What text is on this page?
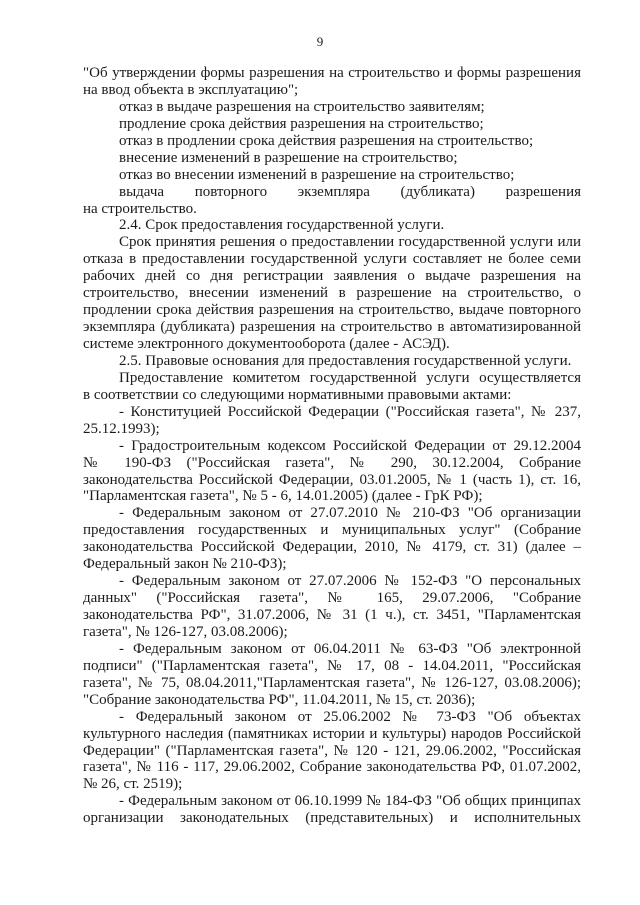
9
"Об утверждении формы разрешения на строительство и формы разрешения
на ввод объекта в эксплуатацию";
отказ в выдаче разрешения на строительство заявителям;
продление срока действия разрешения на строительство;
отказ в продлении срока действия разрешения на строительство;
внесение изменений в разрешение на строительство;
отказ во внесении изменений в разрешение на строительство;
выдача повторного экземпляра (дубликата) разрешения
на строительство.
2.4. Срок предоставления государственной услуги.
Срок принятия решения о предоставлении государственной услуги или
отказа в предоставлении государственной услуги составляет не более семи
рабочих дней со дня регистрации заявления о выдаче разрешения на
строительство, внесении изменений в разрешение на строительство, о
продлении срока действия разрешения на строительство, выдаче повторного
экземпляра (дубликата) разрешения на строительство в автоматизированной
системе электронного документооборота (далее - АСЭД).
2.5. Правовые основания для предоставления государственной услуги.
Предоставление комитетом государственной услуги осуществляется
в соответствии со следующими нормативными правовыми актами:
- Конституцией Российской Федерации ("Российская газета", № 237,
25.12.1993);
- Градостроительным кодексом Российской Федерации от 29.12.2004
№ 190-ФЗ ("Российская газета", № 290, 30.12.2004, Собрание
законодательства Российской Федерации, 03.01.2005, № 1 (часть 1), ст. 16,
"Парламентская газета", № 5 - 6, 14.01.2005) (далее - ГрК РФ);
- Федеральным законом от 27.07.2010 № 210-ФЗ "Об организации
предоставления государственных и муниципальных услуг" (Собрание
законодательства Российской Федерации, 2010, № 4179, ст. 31) (далее –
Федеральный закон № 210-ФЗ);
- Федеральным законом от 27.07.2006 № 152-ФЗ "О персональных
данных" ("Российская газета", № 165, 29.07.2006, "Собрание
законодательства РФ", 31.07.2006, № 31 (1 ч.), ст. 3451, "Парламентская
газета", № 126-127, 03.08.2006);
- Федеральным законом от 06.04.2011 № 63-ФЗ "Об электронной
подписи" ("Парламентская газета", № 17, 08 - 14.04.2011, "Российская
газета", № 75, 08.04.2011,"Парламентская газета", № 126-127, 03.08.2006);
"Собрание законодательства РФ", 11.04.2011, № 15, ст. 2036);
- Федеральный законом от 25.06.2002 № 73-ФЗ "Об объектах
культурного наследия (памятниках истории и культуры) народов Российской
Федерации" ("Парламентская газета", № 120 - 121, 29.06.2002, "Российская
газета", № 116 - 117, 29.06.2002, Собрание законодательства РФ, 01.07.2002,
№ 26, ст. 2519);
- Федеральным законом от 06.10.1999 № 184-ФЗ "Об общих принципах
организации законодательных (представительных) и исполнительных
